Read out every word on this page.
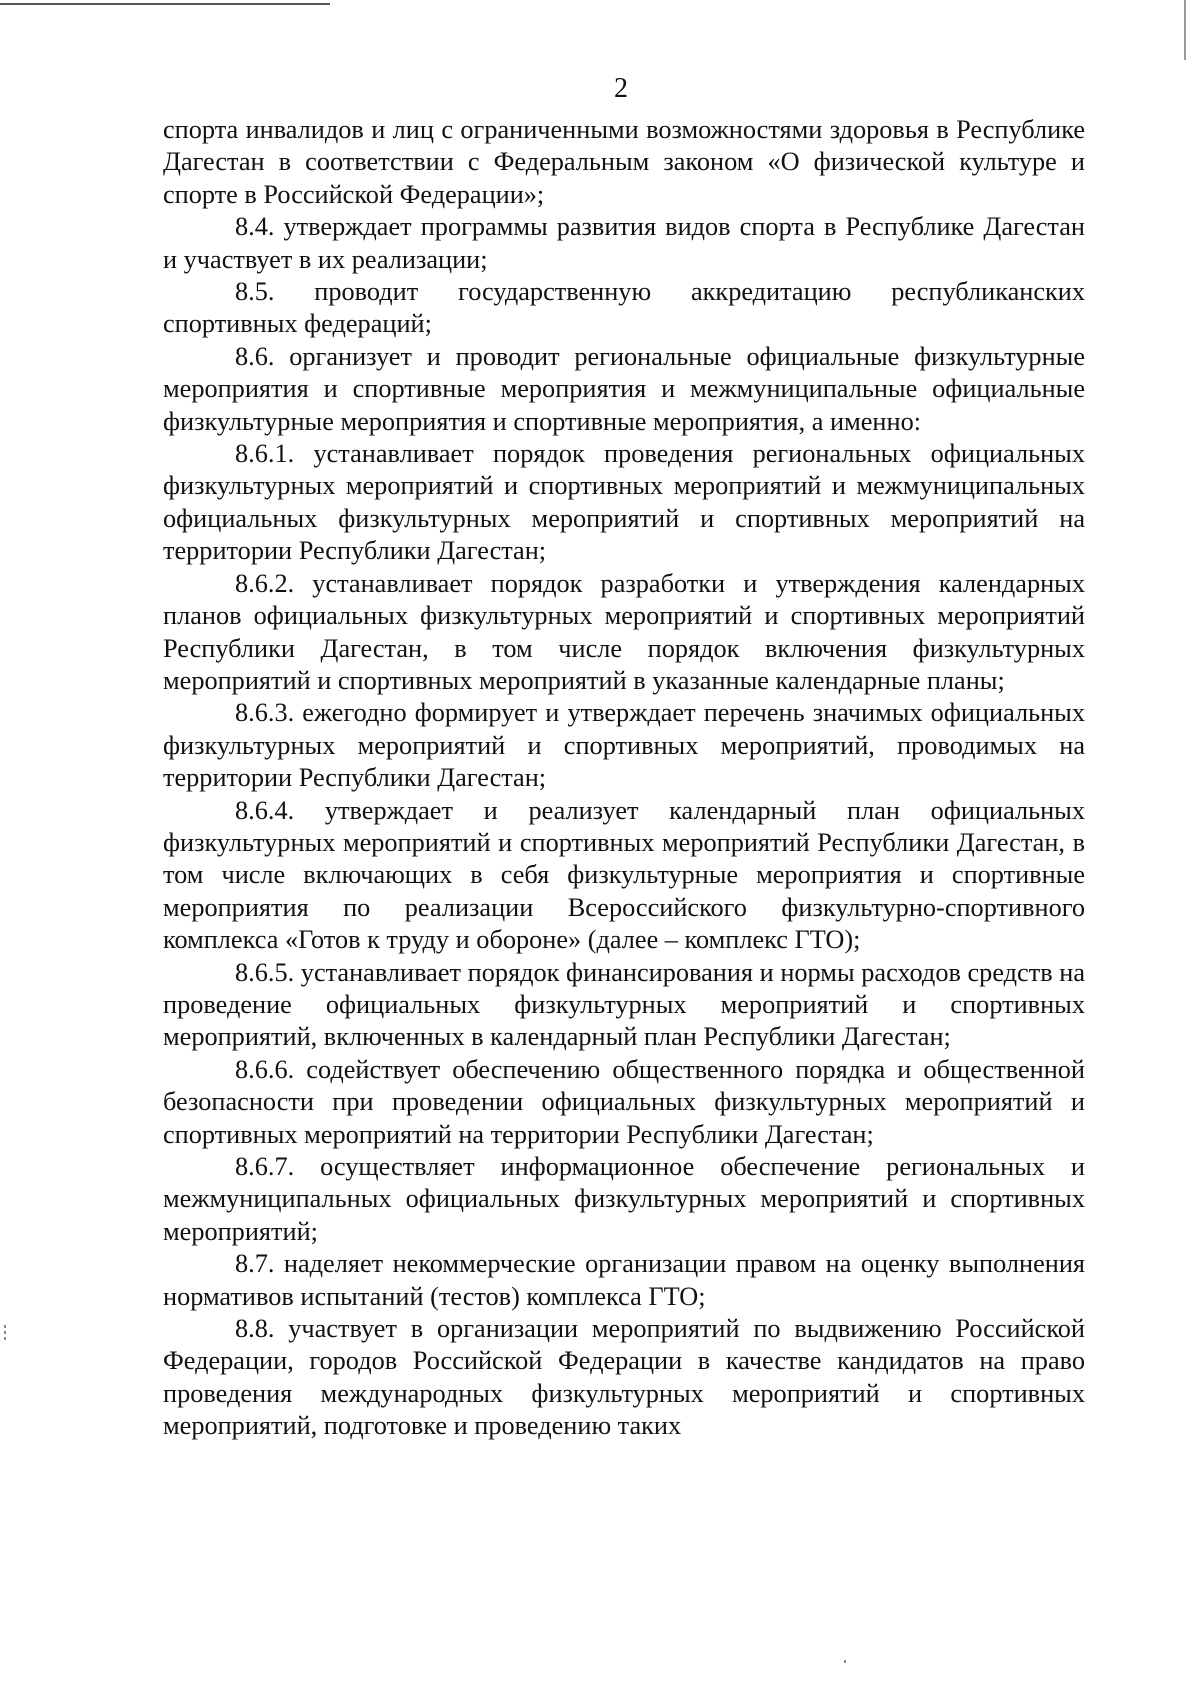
2

спорта инвалидов и лиц с ограниченными возможностями здоровья в Республике Дагестан в соответствии с Федеральным законом «О физической культуре и спорте в Российской Федерации»;

8.4. утверждает программы развития видов спорта в Республике Дагестан и участвует в их реализации;

8.5. проводит государственную аккредитацию республиканских спортивных федераций;

8.6. организует и проводит региональные официальные физкультурные мероприятия и спортивные мероприятия и межмуниципальные официальные физкультурные мероприятия и спортивные мероприятия, а именно:

8.6.1. устанавливает порядок проведения региональных официальных физкультурных мероприятий и спортивных мероприятий и межмуниципальных официальных физкультурных мероприятий и спортивных мероприятий на территории Республики Дагестан;

8.6.2. устанавливает порядок разработки и утверждения календарных планов официальных физкультурных мероприятий и спортивных мероприятий Республики Дагестан, в том числе порядок включения физкультурных мероприятий и спортивных мероприятий в указанные календарные планы;

8.6.3. ежегодно формирует и утверждает перечень значимых официальных физкультурных мероприятий и спортивных мероприятий, проводимых на территории Республики Дагестан;

8.6.4. утверждает и реализует календарный план официальных физкультурных мероприятий и спортивных мероприятий Республики Дагестан, в том числе включающих в себя физкультурные мероприятия и спортивные мероприятия по реализации Всероссийского физкультурно-спортивного комплекса «Готов к труду и обороне» (далее – комплекс ГТО);

8.6.5. устанавливает порядок финансирования и нормы расходов средств на проведение официальных физкультурных мероприятий и спортивных мероприятий, включенных в календарный план Республики Дагестан;

8.6.6. содействует обеспечению общественного порядка и общественной безопасности при проведении официальных физкультурных мероприятий и спортивных мероприятий на территории Республики Дагестан;

8.6.7. осуществляет информационное обеспечение региональных и межмуниципальных официальных физкультурных мероприятий и спортивных мероприятий;

8.7. наделяет некоммерческие организации правом на оценку выполнения нормативов испытаний (тестов) комплекса ГТО;

8.8. участвует в организации мероприятий по выдвижению Российской Федерации, городов Российской Федерации в качестве кандидатов на право проведения международных физкультурных мероприятий и спортивных мероприятий, подготовке и проведению таких
